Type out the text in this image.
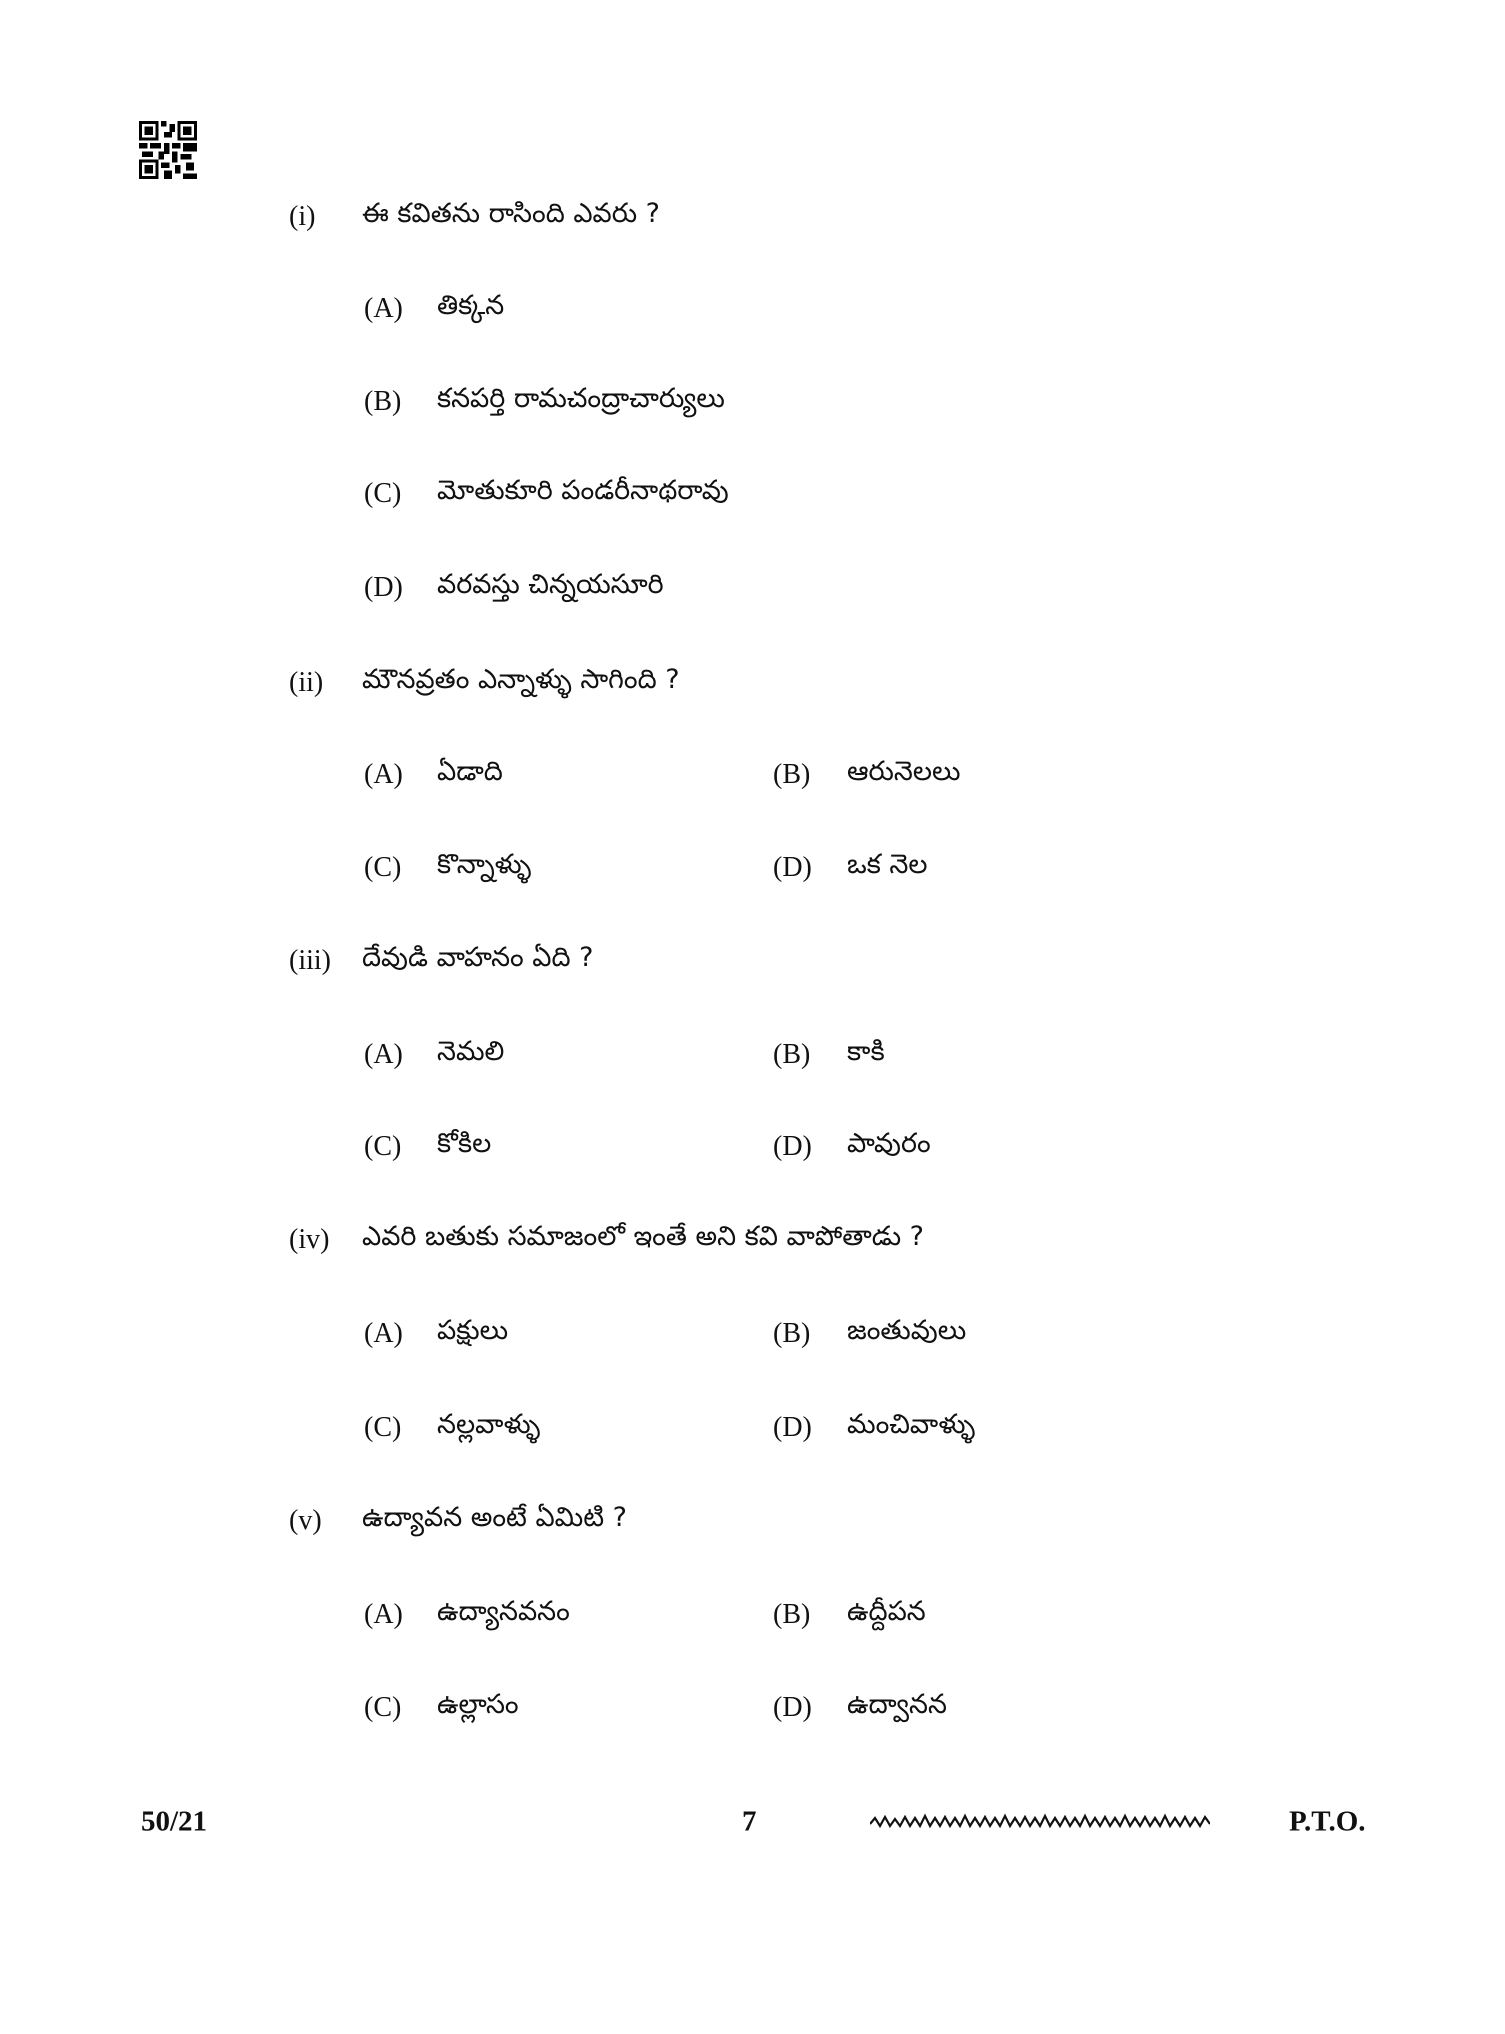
(i) ఈ కవితను రాసింది ఎవరు ?
(A) తిక్కన
(B) కనపర్తి రామచంద్రాచార్యులు
(C) మోతుకూరి పండరీనాథరావు
(D) వరవస్తు చిన్నయసూరి
(ii) మౌనవ్రతం ఎన్నాళ్ళు సాగింది ?
(A) ఏడాది	(B) ఆరునెలలు
(C) కొన్నాళ్ళు	(D) ఒక నెల
(iii) దేవుడి వాహనం ఏది ?
(A) నెమలి	(B) కాకి
(C) కోకిల	(D) పావురం
(iv) ఎవరి బతుకు సమాజంలో ఇంతే అని కవి వాపోతాడు ?
(A) పక్షులు	(B) జంతువులు
(C) నల్లవాళ్ళు	(D) మంచివాళ్ళు
(v) ఉద్యావన అంటే ఏమిటి ?
(A) ఉద్యానవనం	(B) ఉద్దీపన
(C) ఉల్లాసం	(D) ఉద్వానన
50/21	7	P.T.O.
